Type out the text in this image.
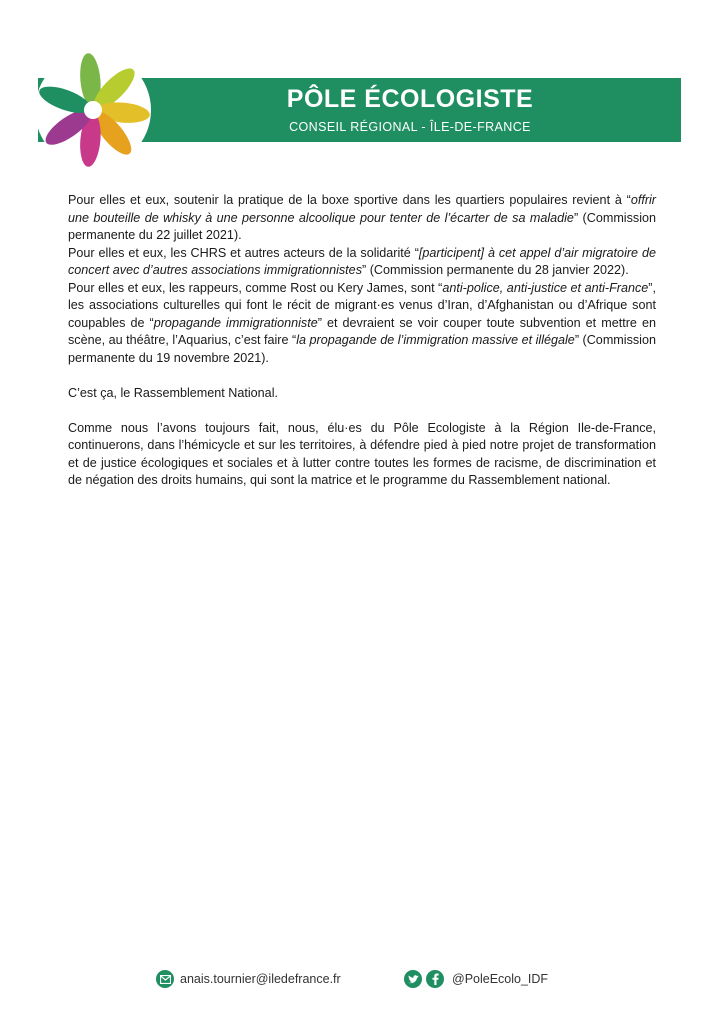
PÔLE ÉCOLOGISTE
CONSEIL RÉGIONAL - ÎLE-DE-FRANCE

Pour elles et eux, soutenir la pratique de la boxe sportive dans les quartiers populaires revient à “offrir une bouteille de whisky à une personne alcoolique pour tenter de l’écarter de sa maladie” (Commission permanente du 22 juillet 2021).

Pour elles et eux, les CHRS et autres acteurs de la solidarité “[participent] à cet appel d’air migratoire de concert avec d’autres associations immigrationnistes” (Commission permanente du 28 janvier 2022).

Pour elles et eux, les rappeurs, comme Rost ou Kery James, sont “anti-police, anti-justice et anti-France”, les associations culturelles qui font le récit de migrant·es venus d’Iran, d’Afghanistan ou d’Afrique sont coupables de “propagande immigrationniste” et devraient se voir couper toute subvention et mettre en scène, au théâtre, l’Aquarius, c’est faire “la propagande de l’immigration massive et illégale” (Commission permanente du 19 novembre 2021).

C’est ça, le Rassemblement National.

Comme nous l’avons toujours fait, nous, élu·es du Pôle Ecologiste à la Région Ile-de-France, continuerons, dans l’hémicycle et sur les territoires, à défendre pied à pied notre projet de transformation et de justice écologiques et sociales et à lutter contre toutes les formes de racisme, de discrimination et de négation des droits humains, qui sont la matrice et le programme du Rassemblement national.

anais.tournier@iledefrance.fr	@PoleEcolo_IDF
